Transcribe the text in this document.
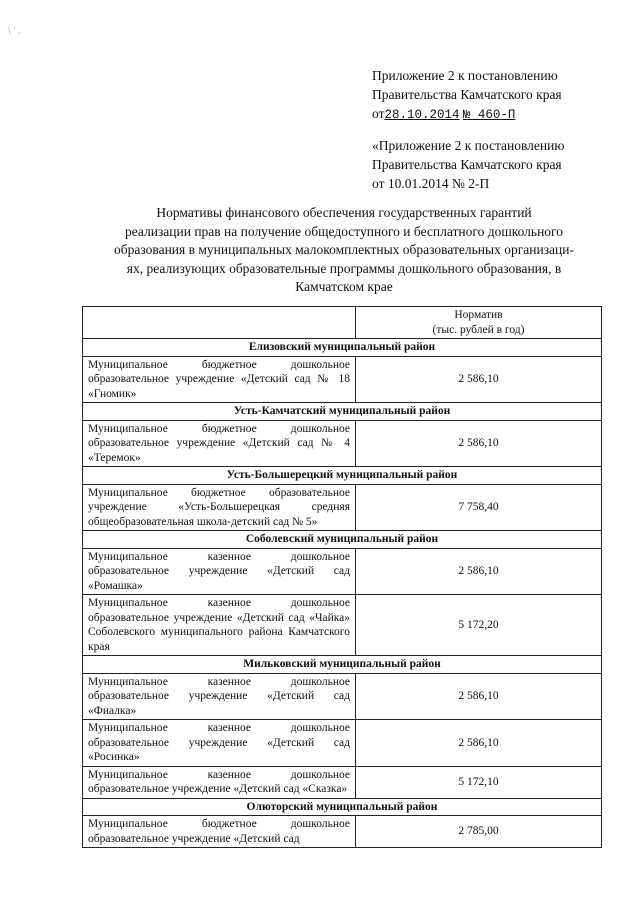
\ ' ,
Приложение 2 к постановлению
Правительства Камчатского края
от28.10.2014 № 460-П
«Приложение 2 к постановлению
Правительства Камчатского края
от 10.01.2014 № 2-П
Нормативы финансового обеспечения государственных гарантий
реализации прав на получение общедоступного и бесплатного дошкольного
образования в муниципальных малокомплектных образовательных организаци-
ях, реализующих образовательные программы дошкольного образования, в
Камчатском крае

	Норматив
(тыс. рублей в год)

Елизовский муниципальный район	
Муниципальное бюджетное дошкольное образовательное учреждение «Детский сад № 18 «Гномик»	2 586,10
Усть-Камчатский муниципальный район	
Муниципальное бюджетное дошкольное образовательное учреждение «Детский сад № 4 «Теремок»	2 586,10
Усть-Большерецкий муниципальный район	
Муниципальное бюджетное образовательное учреждение «Усть-Большерецкая средняя общеобразовательная школа-детский сад № 5»	7 758,40
Соболевский муниципальный район	
Муниципальное казенное дошкольное образовательное учреждение «Детский сад «Ромашка»	2 586,10
Муниципальное казенное дошкольное образовательное учреждение «Детский сад «Чайка» Соболевского муниципального района Камчатского края	5 172,20
Мильковский муниципальный район	
Муниципальное казенное дошкольное образовательное учреждение «Детский сад «Фиалка»	2 586,10
Муниципальное казенное дошкольное образовательное учреждение «Детский сад «Росинка»	2 586,10
Муниципальное казенное дошкольное образовательное учреждение «Детский сад «Сказка»	5 172,10
Олюторский муниципальный район	
Муниципальное бюджетное дошкольное образовательное учреждение «Детский сад	2 785,00
